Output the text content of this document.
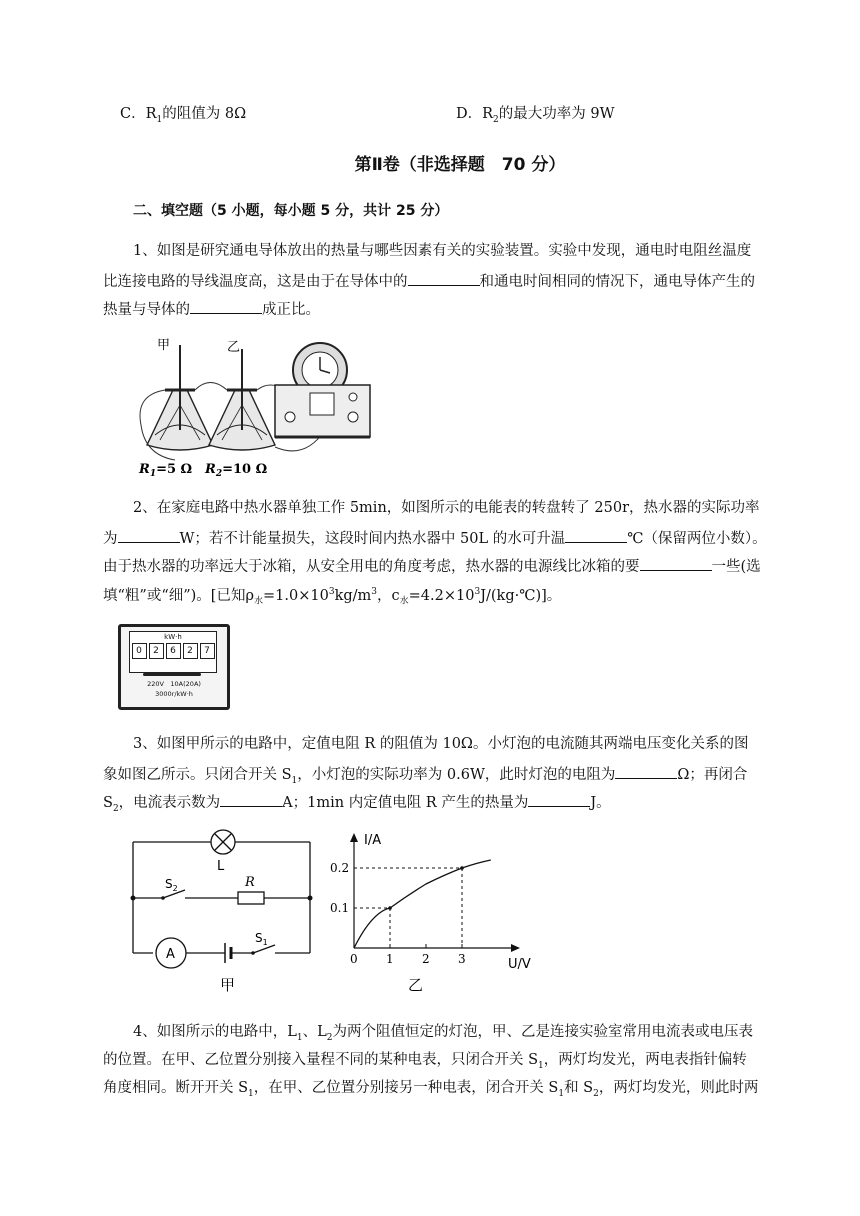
C．$R_1$的阻值为 8Ω	D．$R_2$的最大功率为 9W
第Ⅱ卷（非选择题　70 分）
二、填空题（5 小题，每小题 5 分，共计 25 分）
1、如图是研究通电导体放出的热量与哪些因素有关的实验装置。实验中发现，通电时电阻丝温度
比连接电路的导线温度高，这是由于在导体中的	和通电时间相同的情况下，通电导体产生的
热量与导体的	成正比。
甲	乙
$R_1=5$ Ω $R_2=10$ Ω
2、在家庭电路中热水器单独工作 5min，如图所示的电能表的转盘转了 250r，热水器的实际功率
为	W；若不计能量损失，这段时间内热水器中 50L 的水可升温	℃（保留两位小数）。
由于热水器的功率远大于冰箱，从安全用电的角度考虑，热水器的电源线比冰箱的要	一些(选
填“粗”或“细”)。[已知$\rho_水=1.0\times 10^3kg/m^3$，$c_水=4.2\times 10^3J/(kg\cdot℃)$]。
kW·h
0	2	6	2	7
220V　10A(20A)
3000r/kW·h
3、如图甲所示的电路中，定值电阻 R 的阻值为 10Ω。小灯泡的电流随其两端电压变化关系的图
象如图乙所示。只闭合开关 $S_1$，小灯泡的实际功率为 0.6W，此时灯泡的电阻为	Ω；再闭合
$S_2$，电流表示数为	A；1min 内定值电阻 R 产生的热量为	J。
L
$S_2$	R
A
$S_1$
甲
0 1 2 3
0.2
0.1
I/A
U/V
乙
4、如图所示的电路中，$L_1$、$L_2$为两个阻值恒定的灯泡，甲、乙是连接实验室常用电流表或电压表
的位置。在甲、乙位置分别接入量程不同的某种电表，只闭合开关 $S_1$，两灯均发光，两电表指针偏转
角度相同。断开开关 $S_1$，在甲、乙位置分别接另一种电表，闭合开关 $S_1$和 $S_2$，两灯均发光，则此时两
